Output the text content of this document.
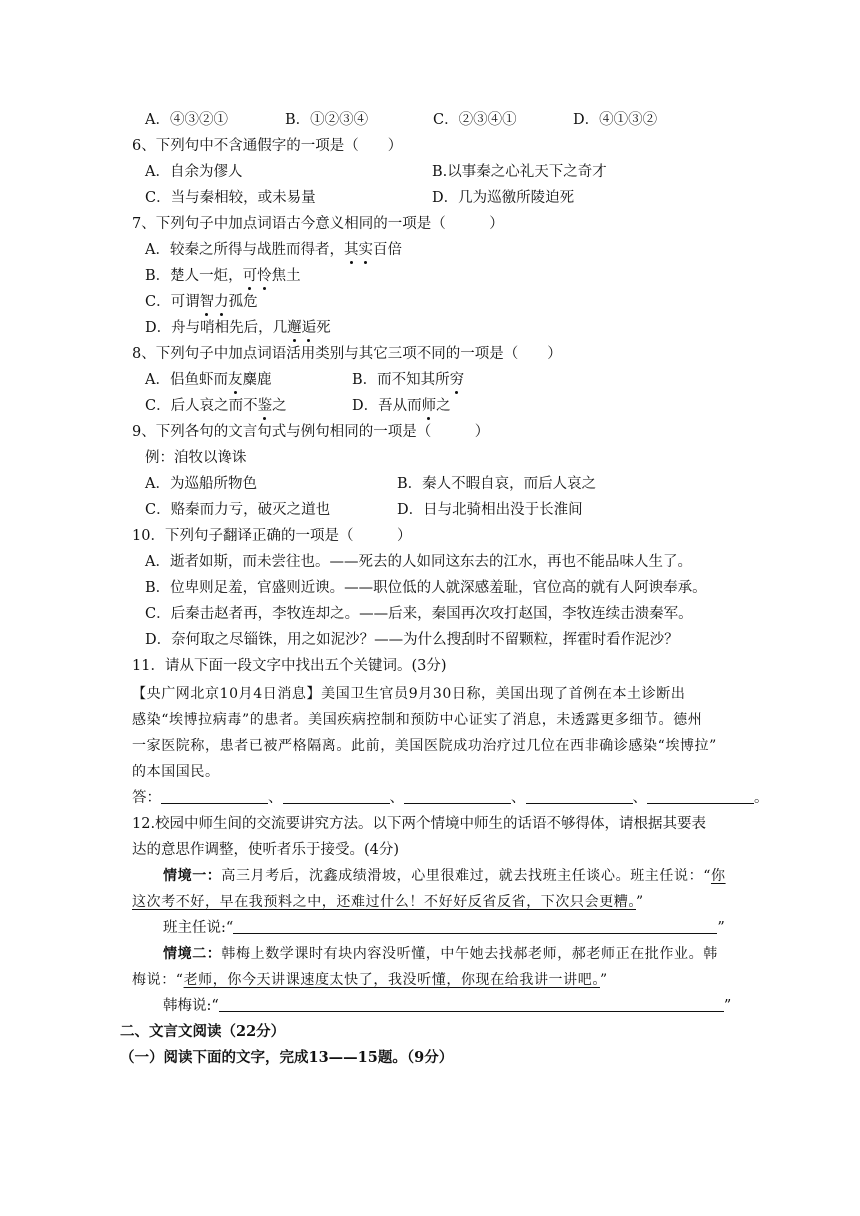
A．④③②①	B．①②③④	C．②③④①	D．④①③②
6、下列句中不含通假字的一项是（　　）
A．自余为僇人	B.以事秦之心礼天下之奇才
C．当与秦相较，或未易量	D．几为巡徼所陵迫死
7、下列句子中加点词语古今意义相同的一项是（　　　）
A．较秦之所得与战胜而得者，其实百倍
B．楚人一炬，可怜焦土
C．可谓智力孤危
D．舟与哨相先后，几邂逅死
8、下列句子中加点词语活用类别与其它三项不同的一项是（　　）
A．侣鱼虾而友麋鹿	B．而不知其所穷
C．后人哀之而不鉴之	D．吾从而师之
9、下列各句的文言句式与例句相同的一项是（　　　）
例：洎牧以谗诛
A．为巡船所物色	B．秦人不暇自哀，而后人哀之
C．赂秦而力亏，破灭之道也	D．日与北骑相出没于长淮间
10．下列句子翻译正确的一项是（　　　）
A．逝者如斯，而未尝往也。——死去的人如同这东去的江水，再也不能品味人生了。
B．位卑则足羞，官盛则近谀。——职位低的人就深感羞耻，官位高的就有人阿谀奉承。
C．后秦击赵者再，李牧连却之。——后来，秦国再次攻打赵国，李牧连续击溃秦军。
D．奈何取之尽锱铢，用之如泥沙？——为什么搜刮时不留颗粒，挥霍时看作泥沙？
11．请从下面一段文字中找出五个关键词。(3分)
【央广网北京10月4日消息】美国卫生官员9月30日称，美国出现了首例在本土诊断出
感染“埃博拉病毒”的患者。美国疾病控制和预防中心证实了消息，未透露更多细节。德州
一家医院称，患者已被严格隔离。此前，美国医院成功治疗过几位在西非确诊感染“埃博拉”
的本国国民。
答：	、	、	、	、	。
12.校园中师生间的交流要讲究方法。以下两个情境中师生的话语不够得体，请根据其要表
达的意思作调整，使听者乐于接受。(4分)
情境一：高三月考后，沈鑫成绩滑坡，心里很难过，就去找班主任谈心。班主任说：“你
这次考不好，早在我预料之中，还难过什么！不好好反省反省，下次只会更糟。”
班主任说:“	”
情境二：韩梅上数学课时有块内容没听懂，中午她去找郝老师，郝老师正在批作业。韩
梅说：“老师，你今天讲课速度太快了，我没听懂，你现在给我讲一讲吧。”
韩梅说:“	”
二、文言文阅读（22分）
（一）阅读下面的文字，完成13——15题。（9分）
